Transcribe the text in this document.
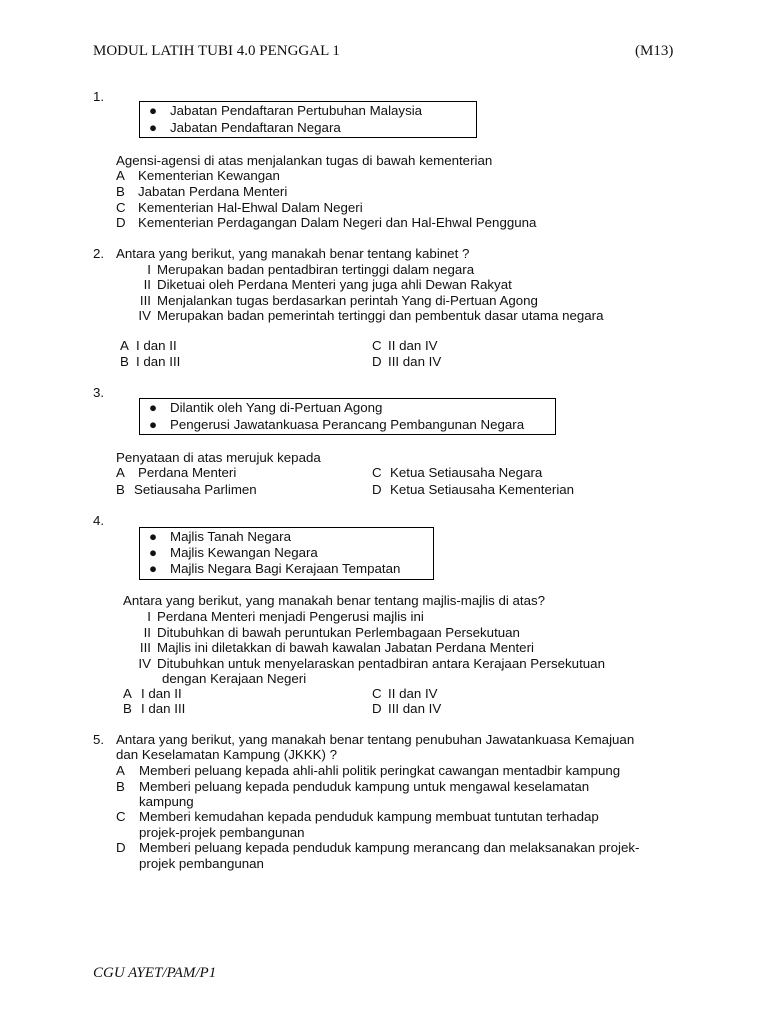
MODUL LATIH TUBI 4.0 PENGGAL 1	(M13)
1.
● Jabatan Pendaftaran Pertubuhan Malaysia
● Jabatan Pendaftaran Negara
Agensi-agensi di atas menjalankan tugas di bawah kementerian
A Kementerian Kewangan
B Jabatan Perdana Menteri
C Kementerian Hal-Ehwal Dalam Negeri
D Kementerian Perdagangan Dalam Negeri dan Hal-Ehwal Pengguna
2. Antara yang berikut, yang manakah benar tentang kabinet ?
I Merupakan badan pentadbiran tertinggi dalam negara
II Diketuai oleh Perdana Menteri yang juga ahli Dewan Rakyat
III Menjalankan tugas berdasarkan perintah Yang di-Pertuan Agong
IV Merupakan badan pemerintah tertinggi dan pembentuk dasar utama negara
A I dan II	C II dan IV
B I dan III	D III dan IV
3.
● Dilantik oleh Yang di-Pertuan Agong
● Pengerusi Jawatankuasa Perancang Pembangunan Negara
Penyataan di atas merujuk kepada
A Perdana Menteri	C Ketua Setiausaha Negara
B Setiausaha Parlimen	D Ketua Setiausaha Kementerian
4.
● Majlis Tanah Negara
● Majlis Kewangan Negara
● Majlis Negara Bagi Kerajaan Tempatan
Antara yang berikut, yang manakah benar tentang majlis-majlis di atas?
I Perdana Menteri menjadi Pengerusi majlis ini
II Ditubuhkan di bawah peruntukan Perlembagaan Persekutuan
III Majlis ini diletakkan di bawah kawalan Jabatan Perdana Menteri
IV Ditubuhkan untuk menyelaraskan pentadbiran antara Kerajaan Persekutuan
dengan Kerajaan Negeri
A I dan II	C II dan IV
B I dan III	D III dan IV
5. Antara yang berikut, yang manakah benar tentang penubuhan Jawatankuasa Kemajuan
dan Keselamatan Kampung (JKKK) ?
A Memberi peluang kepada ahli-ahli politik peringkat cawangan mentadbir kampung
B Memberi peluang kepada penduduk kampung untuk mengawal keselamatan
kampung
C Memberi kemudahan kepada penduduk kampung membuat tuntutan terhadap
projek-projek pembangunan
D Memberi peluang kepada penduduk kampung merancang dan melaksanakan projek-
projek pembangunan
CGU AYET/PAM/P1
